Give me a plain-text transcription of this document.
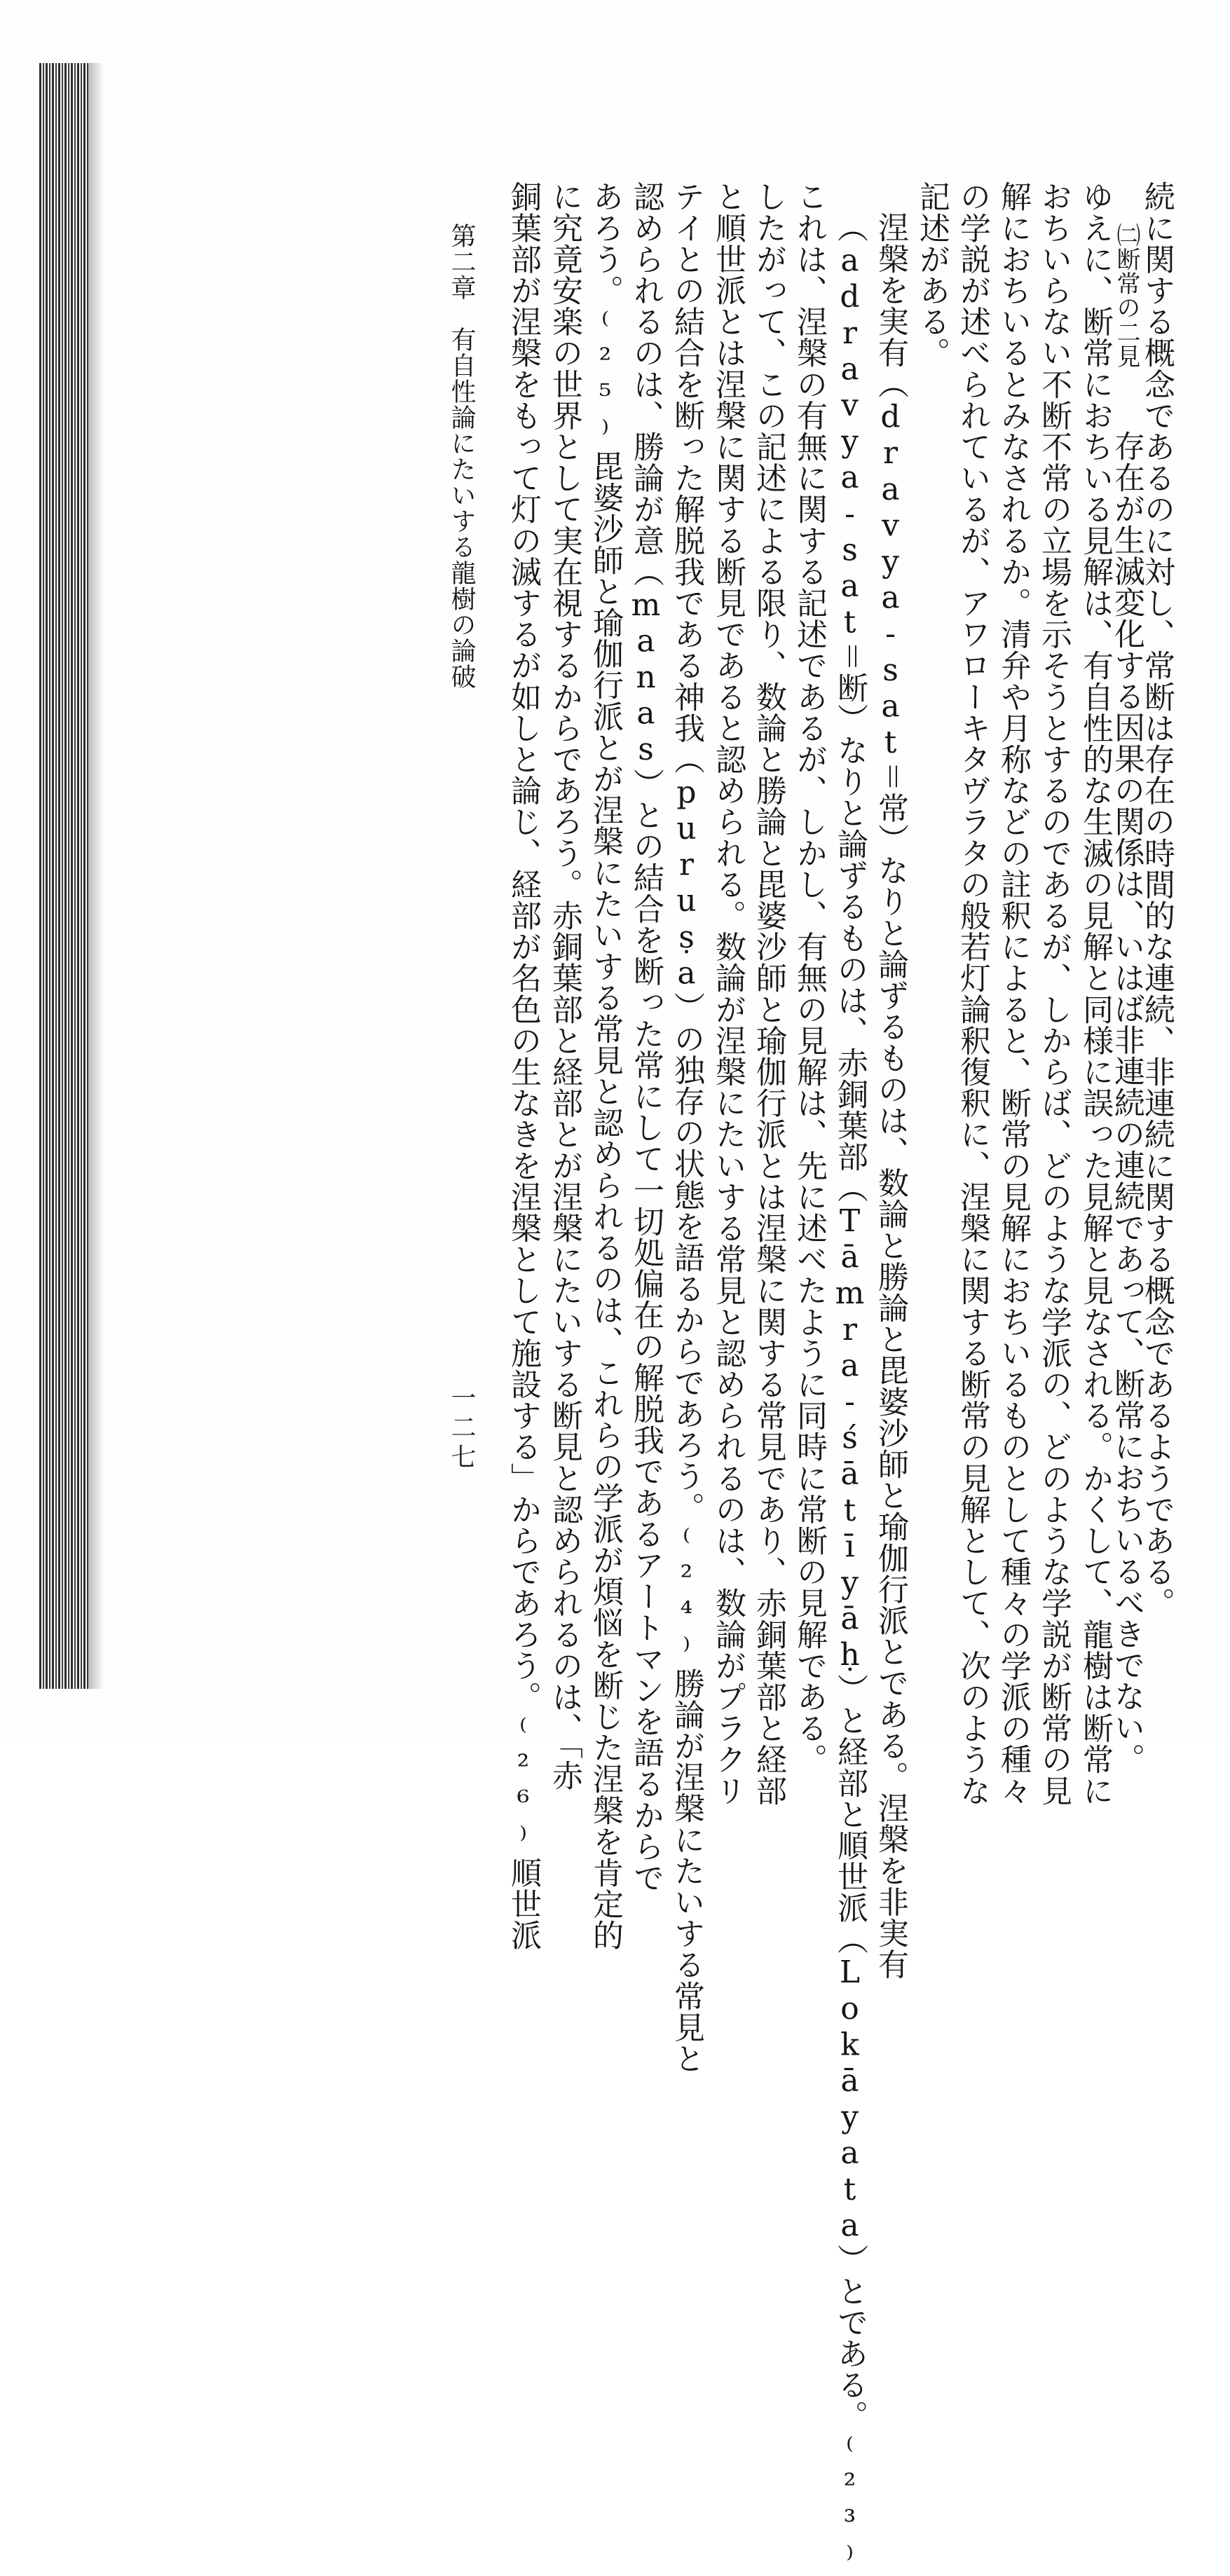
続に関する概念であるのに対し、常断は存在の時間的な連続、非連続に関する概念であるようである。
ゆえに、断常におちいる見解は、有自性的な生滅の見解と同様に誤った見解と見なされる。かくして、龍樹は断常に
おちいらない不断不常の立場を示そうとするのであるが、しからば、どのような学派の、どのような学説が断常の見
解におちいるとみなされるか。清弁や月称などの註釈によると、断常の見解におちいるものとして種々の学派の種々
の学説が述べられているが、アワローキタヴラタの般若灯論釈復釈に、涅槃に関する断常の見解として、次のような
記述がある。
涅槃を実有（dravya-sat＝常）なりと論ずるものは、数論と勝論と毘婆沙師と瑜伽行派とである。涅槃を非実有
（adravya-sat＝断）なりと論ずるものは、赤銅葉部（Tāmra-śātīyāḥ）と経部と順世派（Lokāyata）とである。⁽²³⁾
これは、涅槃の有無に関する記述であるが、しかし、有無の見解は、先に述べたように同時に常断の見解である。
したがって、この記述による限り、数論と勝論と毘婆沙師と瑜伽行派とは涅槃に関する常見であり、赤銅葉部と経部
と順世派とは涅槃に関する断見であると認められる。数論が涅槃にたいする常見と認められるのは、数論がプラクリ
テイとの結合を断った解脱我である神我（puruṣa）の独存の状態を語るからであろう。⁽²⁴⁾勝論が涅槃にたいする常見と
認められるのは、勝論が意（manas）との結合を断った常にして一切処偏在の解脱我であるアートマンを語るからで
あろう。⁽²⁵⁾毘婆沙師と瑜伽行派とが涅槃にたいする常見と認められるのは、これらの学派が煩悩を断じた涅槃を肯定的
に究竟安楽の世界として実在視するからであろう。赤銅葉部と経部とが涅槃にたいする断見と認められるのは、「赤
銅葉部が涅槃をもって灯の滅するが如しと論じ、経部が名色の生なきを涅槃として施設する」からであろう。⁽²⁶⁾順世派	㈡断常の二見
存在が生滅変化する因果の関係は、いはば非連続の連続であって、断常におちいるべきでない。
第二章　有自性論にたいする龍樹の論破
一二七
